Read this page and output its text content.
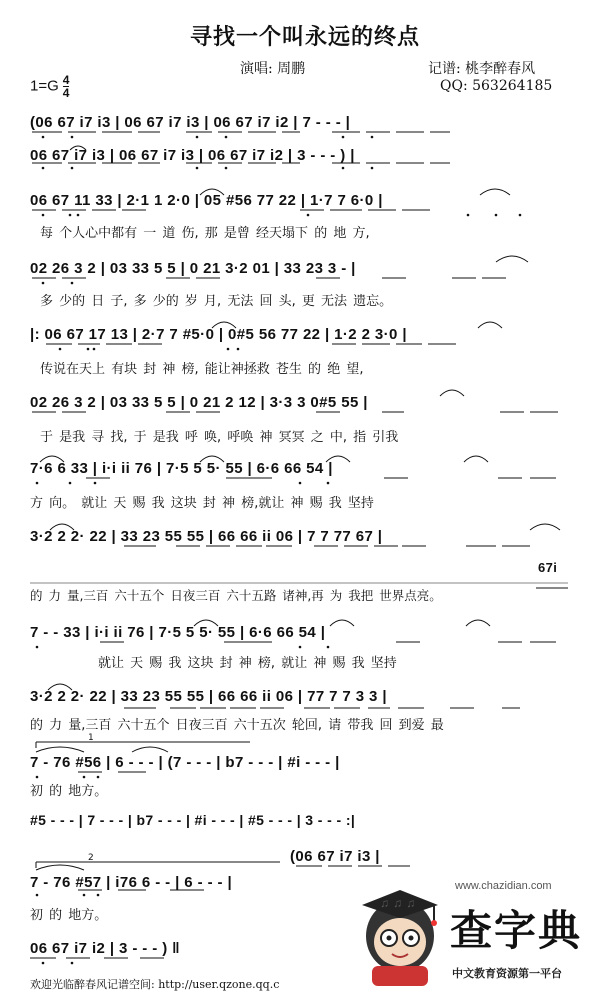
寻找一个叫永远的终点
演唱: 周鹏	记谱: 桃李醉春风
QQ: 563264185
$1=G \frac{4}{4}$
(06 67 i7 i3 | 06 67 i7 i3 | 06 67 i7 i2 | 7 - - - |
06 67 i7 i3 | 06 67 i7 i3 | 06 67 i7 i2 | 3 - - - ) |
06 67 11 33 | 2·1 1 2·0 | 05 #56 77 22 | 1·7 7 6·0 |
每 个人心中都有 一 道 伤, 那 是曾 经天塌下 的 地 方,
02 26 3 2 | 03 33 5 5 | 0 21 3·2 01 | 33 23 3 - |
多 少的 日 子, 多 少的 岁 月, 无法 回 头, 更 无法 遗忘。
|: 06 67 17 13 | 2·7 7 #5·0 | 0#5 56 77 22 | 1·2 2 3·0 |
传说在天上 有块 封 神 榜, 能让神拯救 苍生 的 绝 望,
02 26 3 2 | 03 33 5 5 | 0 21 2 12 | 3·3 3 0#5 55 |
于 是我 寻 找, 于 是我 呼 唤, 呼唤 神 冥冥 之 中, 指 引我
7·6 6 33 | i·i ii 76 | 7·5 5 5· 55 | 6·6 66 54 |
方 向。 就让 天 赐 我 这块 封 神 榜,就让 神 赐 我 坚持
3·2 2 2· 22 | 33 23 55 55 | 66 66 ii 06 | 7 7 77 67 |
67i
的 力 量,三百 六十五个 日夜三百 六十五路 诸神,再 为 我把 世界点亮。
7 - - 33 | i·i ii 76 | 7·5 5 5· 55 | 6·6 66 54 |
就让 天 赐 我 这块 封 神 榜, 就让 神 赐 我 坚持
3·2 2 2· 22 | 33 23 55 55 | 66 66 ii 06 | 77 7 7 3 3 |
的 力 量,三百 六十五个 日夜三百 六十五次 轮回, 请 带我 回 到爱 最
1
7 - 76 #56 | 6 - - - | (7 - - - | b7 - - - | #i - - - |
初 的 地方。
#5 - - - | 7 - - - | b7 - - - | #i - - - | #5 - - - | 3 - - - :|
(06 67 i7 i3 |
2
7 - 76 #57 | i76 6 - - | 6 - - - |
初 的 地方。
06 67 i7 i2 | 3 - - - ) ‖
♫ ♫ ♫
www.chazidian.com
查字典
中文教育资源第一平台
欢迎光临醉春风记谱空间: http://user.qzone.qq.c
